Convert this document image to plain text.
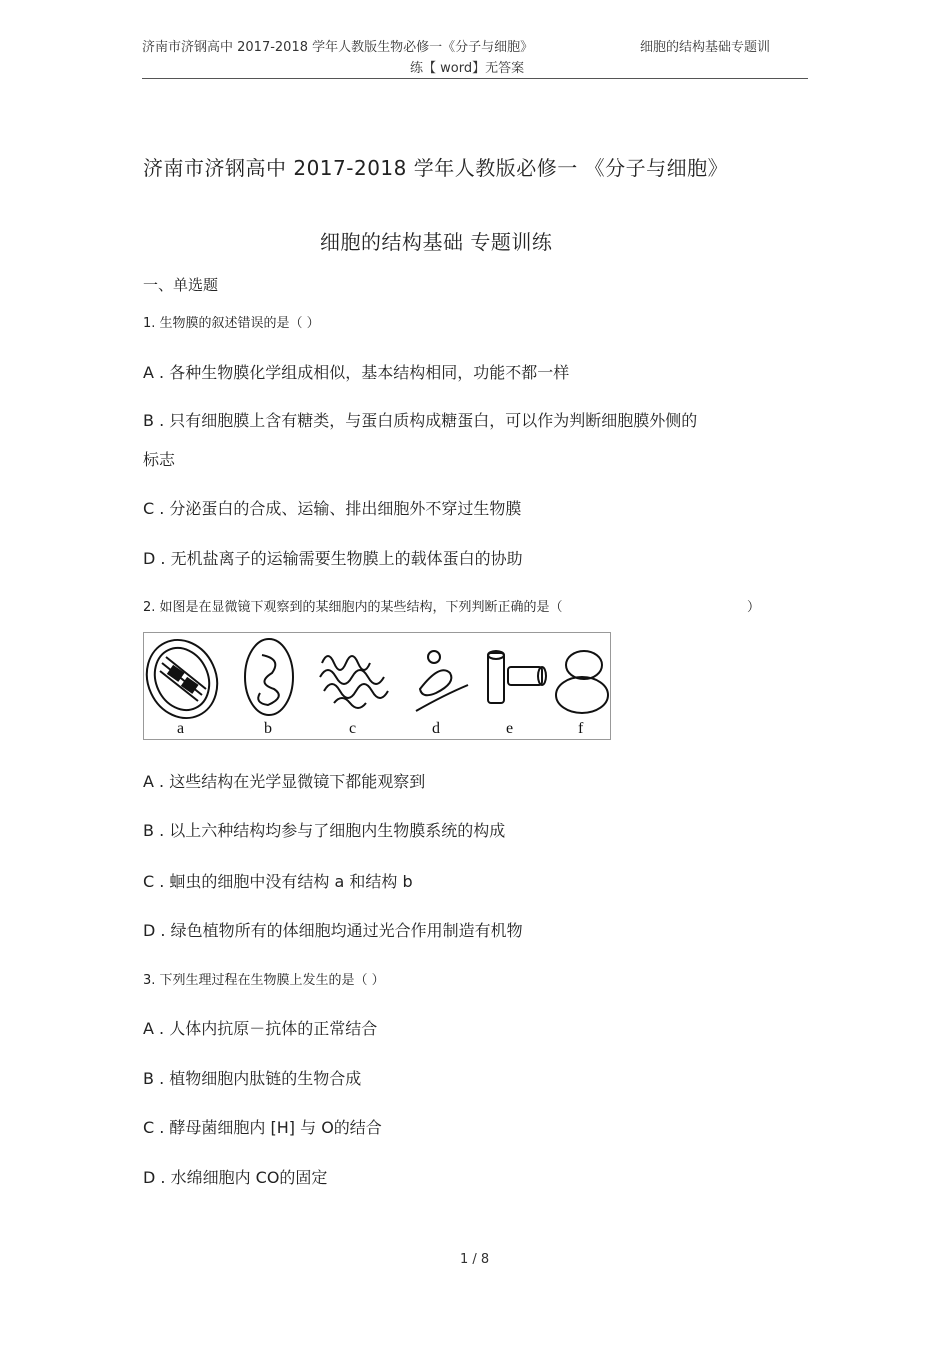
济南市济钢高中 2017-2018 学年人教版生物必修一《分子与细胞》	细胞的结构基础专题训
练【 word】无答案
济南市济钢高中 2017-2018 学年人教版必修一 《分子与细胞》
细胞的结构基础 专题训练
一、单选题
1. 生物膜的叙述错误的是（ ）
A . 各种生物膜化学组成相似，基本结构相同，功能不都一样
B . 只有细胞膜上含有糖类，与蛋白质构成糖蛋白，可以作为判断细胞膜外侧的
标志
C . 分泌蛋白的合成、运输、排出细胞外不穿过生物膜
D . 无机盐离子的运输需要生物膜上的载体蛋白的协助
2. 如图是在显微镜下观察到的某细胞内的某些结构，下列判断正确的是（	）
a	b	c	d	e	f
A . 这些结构在光学显微镜下都能观察到
B . 以上六种结构均参与了细胞内生物膜系统的构成
C . 蛔虫的细胞中没有结构 a 和结构 b
D . 绿色植物所有的体细胞均通过光合作用制造有机物
3. 下列生理过程在生物膜上发生的是（ ）
A . 人体内抗原－抗体的正常结合
B . 植物细胞内肽链的生物合成
C . 酵母菌细胞内 [H] 与 O的结合
D . 水绵细胞内 CO的固定
1 / 8
